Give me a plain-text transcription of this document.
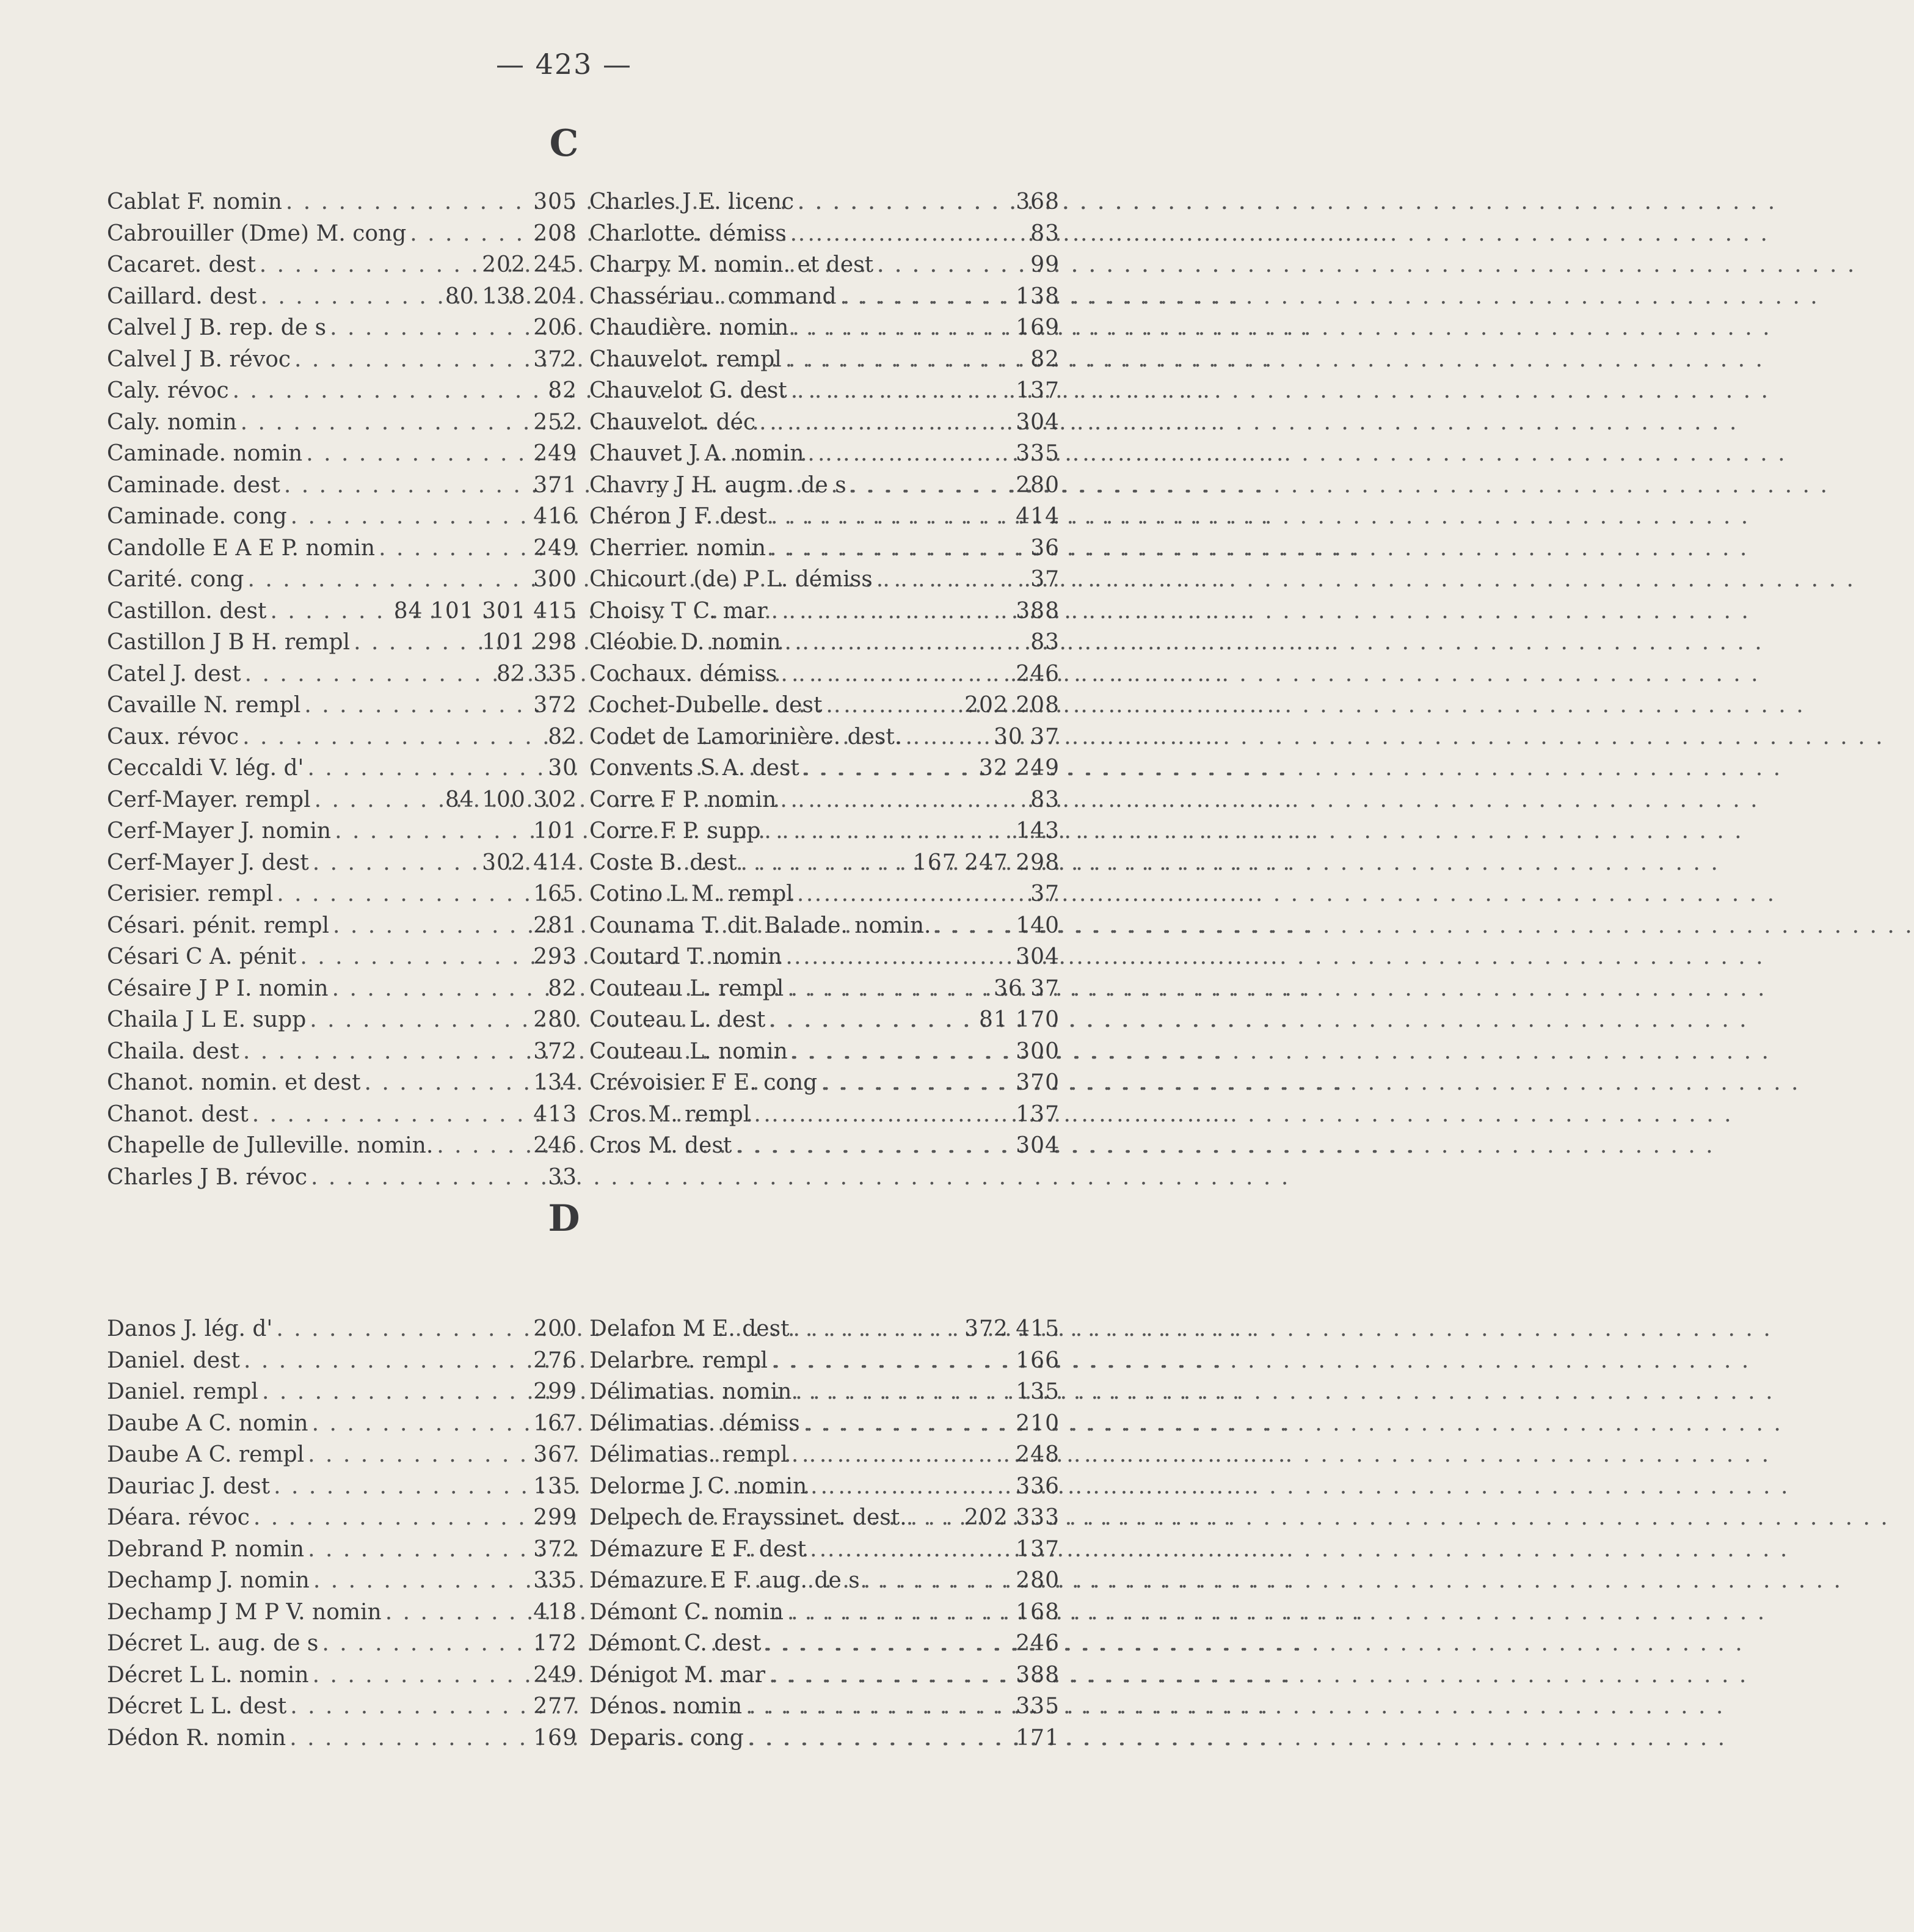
— 423 —
C
Cablat F. nomin . . .	305
Cabrouiller (Dme) M. cong . . .	208
Cacaret. dest . . .	202 245
Caillard. dest . . .	80 138 204
Calvel J B. rep. de s . . .	206
Calvel J B. révoc . . .	372
Caly. révoc . . .	82
Caly. nomin . . .	252
Caminade. nomin . . .	249
Caminade. dest . . .	371
Caminade. cong . . .	416
Candolle E A E P. nomin . . .	249
Carité. cong . . .	300
Castillon. dest . . .	84 101 301 415
Castillon J B H. rempl . . .	101 298
Catel J. dest . . .	82 335
Cavaille N. rempl . . .	372
Caux. révoc . . .	82
Ceccaldi V. lég. d' . . .	30
Cerf-Mayer. rempl . . .	84 100 302
Cerf-Mayer J. nomin . . .	101
Cerf-Mayer J. dest . . .	302 414
Cerisier. rempl . . .	165
Césari. pénit. rempl . . .	281
Césari C A. pénit . . .	293
Césaire J P I. nomin . . .	82
Chaila J L E. supp . . .	280
Chaila. dest . . .	372
Chanot. nomin. et dest . . .	134
Chanot. dest . . .	413
Chapelle de Julleville. nomin. . . .	246
Charles J B. révoc . . .	33
Charles J E. licenc . . .	368
Charlotte. démiss . . .	83
Charpy M. nomin. et dest . . .	99
Chassériau. command . . .	138
Chaudière. nomin . . .	169
Chauvelot. rempl . . .	82
Chauvelot G. dest . . .	137
Chauvelot. déc . . .	304
Chauvet J A. nomin . . .	335
Chavry J H. augm. de s . . .	280
Chéron J F. dest . . .	414
Cherrier. nomin . . .	36
Chicourt (de) P L. démiss . . .	37
Choisy T C. mar . . .	388
Cléobie D. nomin . . .	83
Cochaux. démiss . . .	246
Cochet-Dubelle. dest . . .	202 208
Codet de Lamorinière. dest. . . .	30 37
Convents S A. dest . . .	32 249
Corre F P. nomin . . .	83
Corre F P. supp . . .	143
Coste B. dest . . .	167 247 298
Cotino L M. rempl . . .	37
Counama T. dit Balade. nomin. . . .	140
Coutard T. nomin . . .	304
Couteau L. rempl . . .	36 37
Couteau L. dest . . .	81 170
Couteau L. nomin . . .	300
Crévoisier F E. cong . . .	370
Cros M. rempl . . .	137
Cros M. dest . . .	304
D
Danos J. lég. d' . . .	200
Daniel. dest . . .	276
Daniel. rempl . . .	299
Daube A C. nomin . . .	167
Daube A C. rempl . . .	367
Dauriac J. dest . . .	135
Déara. révoc . . .	299
Debrand P. nomin . . .	372
Dechamp J. nomin . . .	335
Dechamp J M P V. nomin . . .	418
Décret L. aug. de s . . .	172
Décret L L. nomin . . .	249
Décret L L. dest . . .	277
Dédon R. nomin . . .	169
Delafon M E. dest . . .	372 415
Delarbre. rempl . . .	166
Délimatias. nomin . . .	135
Délimatias. démiss . . .	210
Délimatias. rempl . . .	248
Delorme J C. nomin . . .	336
Delpech de Frayssinet. dest. . . .	202 333
Démazure E F. dest . . .	137
Démazure E F. aug. de s . . .	280
Démont C. nomin . . .	168
Démont C. dest . . .	246
Dénigot M. mar . . .	388
Dénos. nomin . . .	335
Deparis. cong . . .	171
